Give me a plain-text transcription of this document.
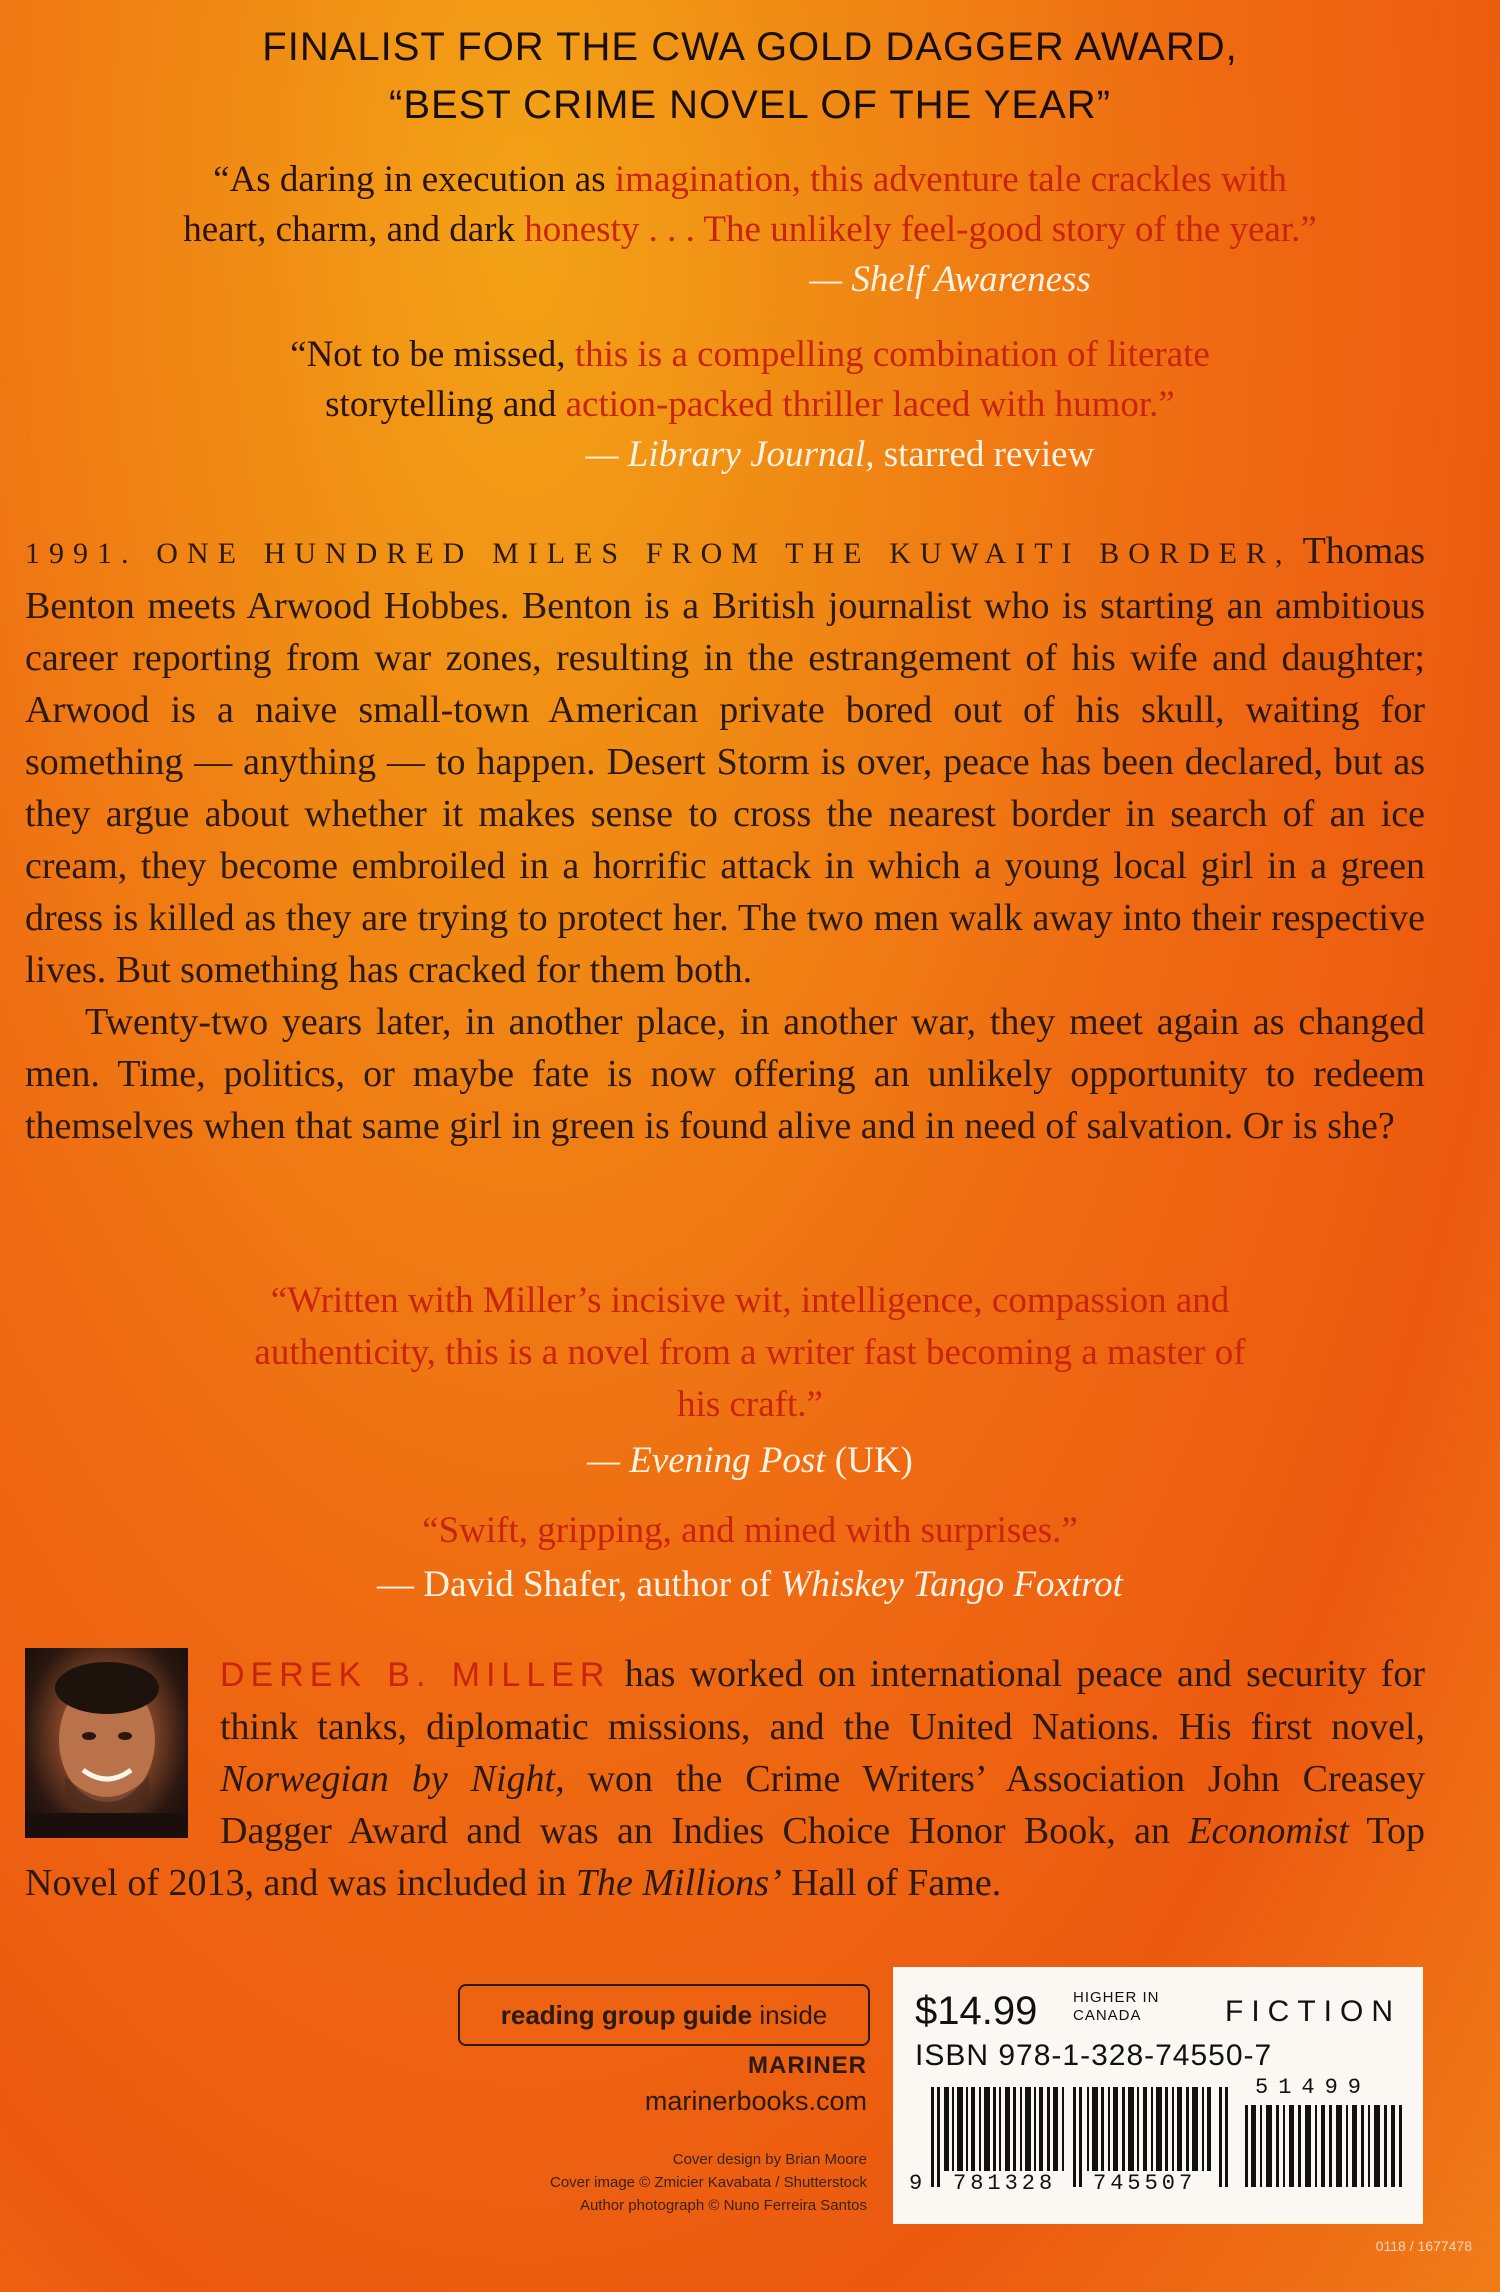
FINALIST FOR THE CWA GOLD DAGGER AWARD,
“BEST CRIME NOVEL OF THE YEAR”
“As daring in execution as imagination, this adventure tale crackles with
heart, charm, and dark honesty . . . The unlikely feel-good story of the year.”
— Shelf Awareness
“Not to be missed, this is a compelling combination of literate
storytelling and action-packed thriller laced with humor.”
— Library Journal, starred review

1991. ONE HUNDRED MILES FROM THE KUWAITI BORDER, Thomas Benton meets Arwood Hobbes. Benton is a British journalist who is starting an ambitious career reporting from war zones, resulting in the estrangement of his wife and daughter; Arwood is a naive small-town American private bored out of his skull, waiting for something — anything — to happen. Desert Storm is over, peace has been declared, but as they argue about whether it makes sense to cross the nearest border in search of an ice cream, they become embroiled in a horrific attack in which a young local girl in a green dress is killed as they are trying to protect her. The two men walk away into their respective lives. But something has cracked for them both.

Twenty-two years later, in another place, in another war, they meet again as changed men. Time, politics, or maybe fate is now offering an unlikely opportunity to redeem themselves when that same girl in green is found alive and in need of salvation. Or is she?

“Written with Miller’s incisive wit, intelligence, compassion and authenticity, this is a novel from a writer fast becoming a master of his craft.”
— Evening Post (UK)
“Swift, gripping, and mined with surprises.”
— David Shafer, author of Whiskey Tango Foxtrot
DEREK B. MILLER has worked on international peace and security for think tanks, diplomatic missions, and the United Nations. His first novel, Norwegian by Night, won the Crime Writers’ Association John Creasey Dagger Award and was an Indies Choice Honor Book, an Economist Top Novel of 2013, and was included in The Millions’ Hall of Fame.
reading group guide inside
MARINER
marinerbooks.com
Cover design by Brian Moore
Cover image © Zmicier Kavabata / Shutterstock
Author photograph © Nuno Ferreira Santos
$14.99 HIGHER IN
CANADA	FICTION
ISBN 978-1-328-74550-7
9 781328 745507
51499
0118 / 1677478
